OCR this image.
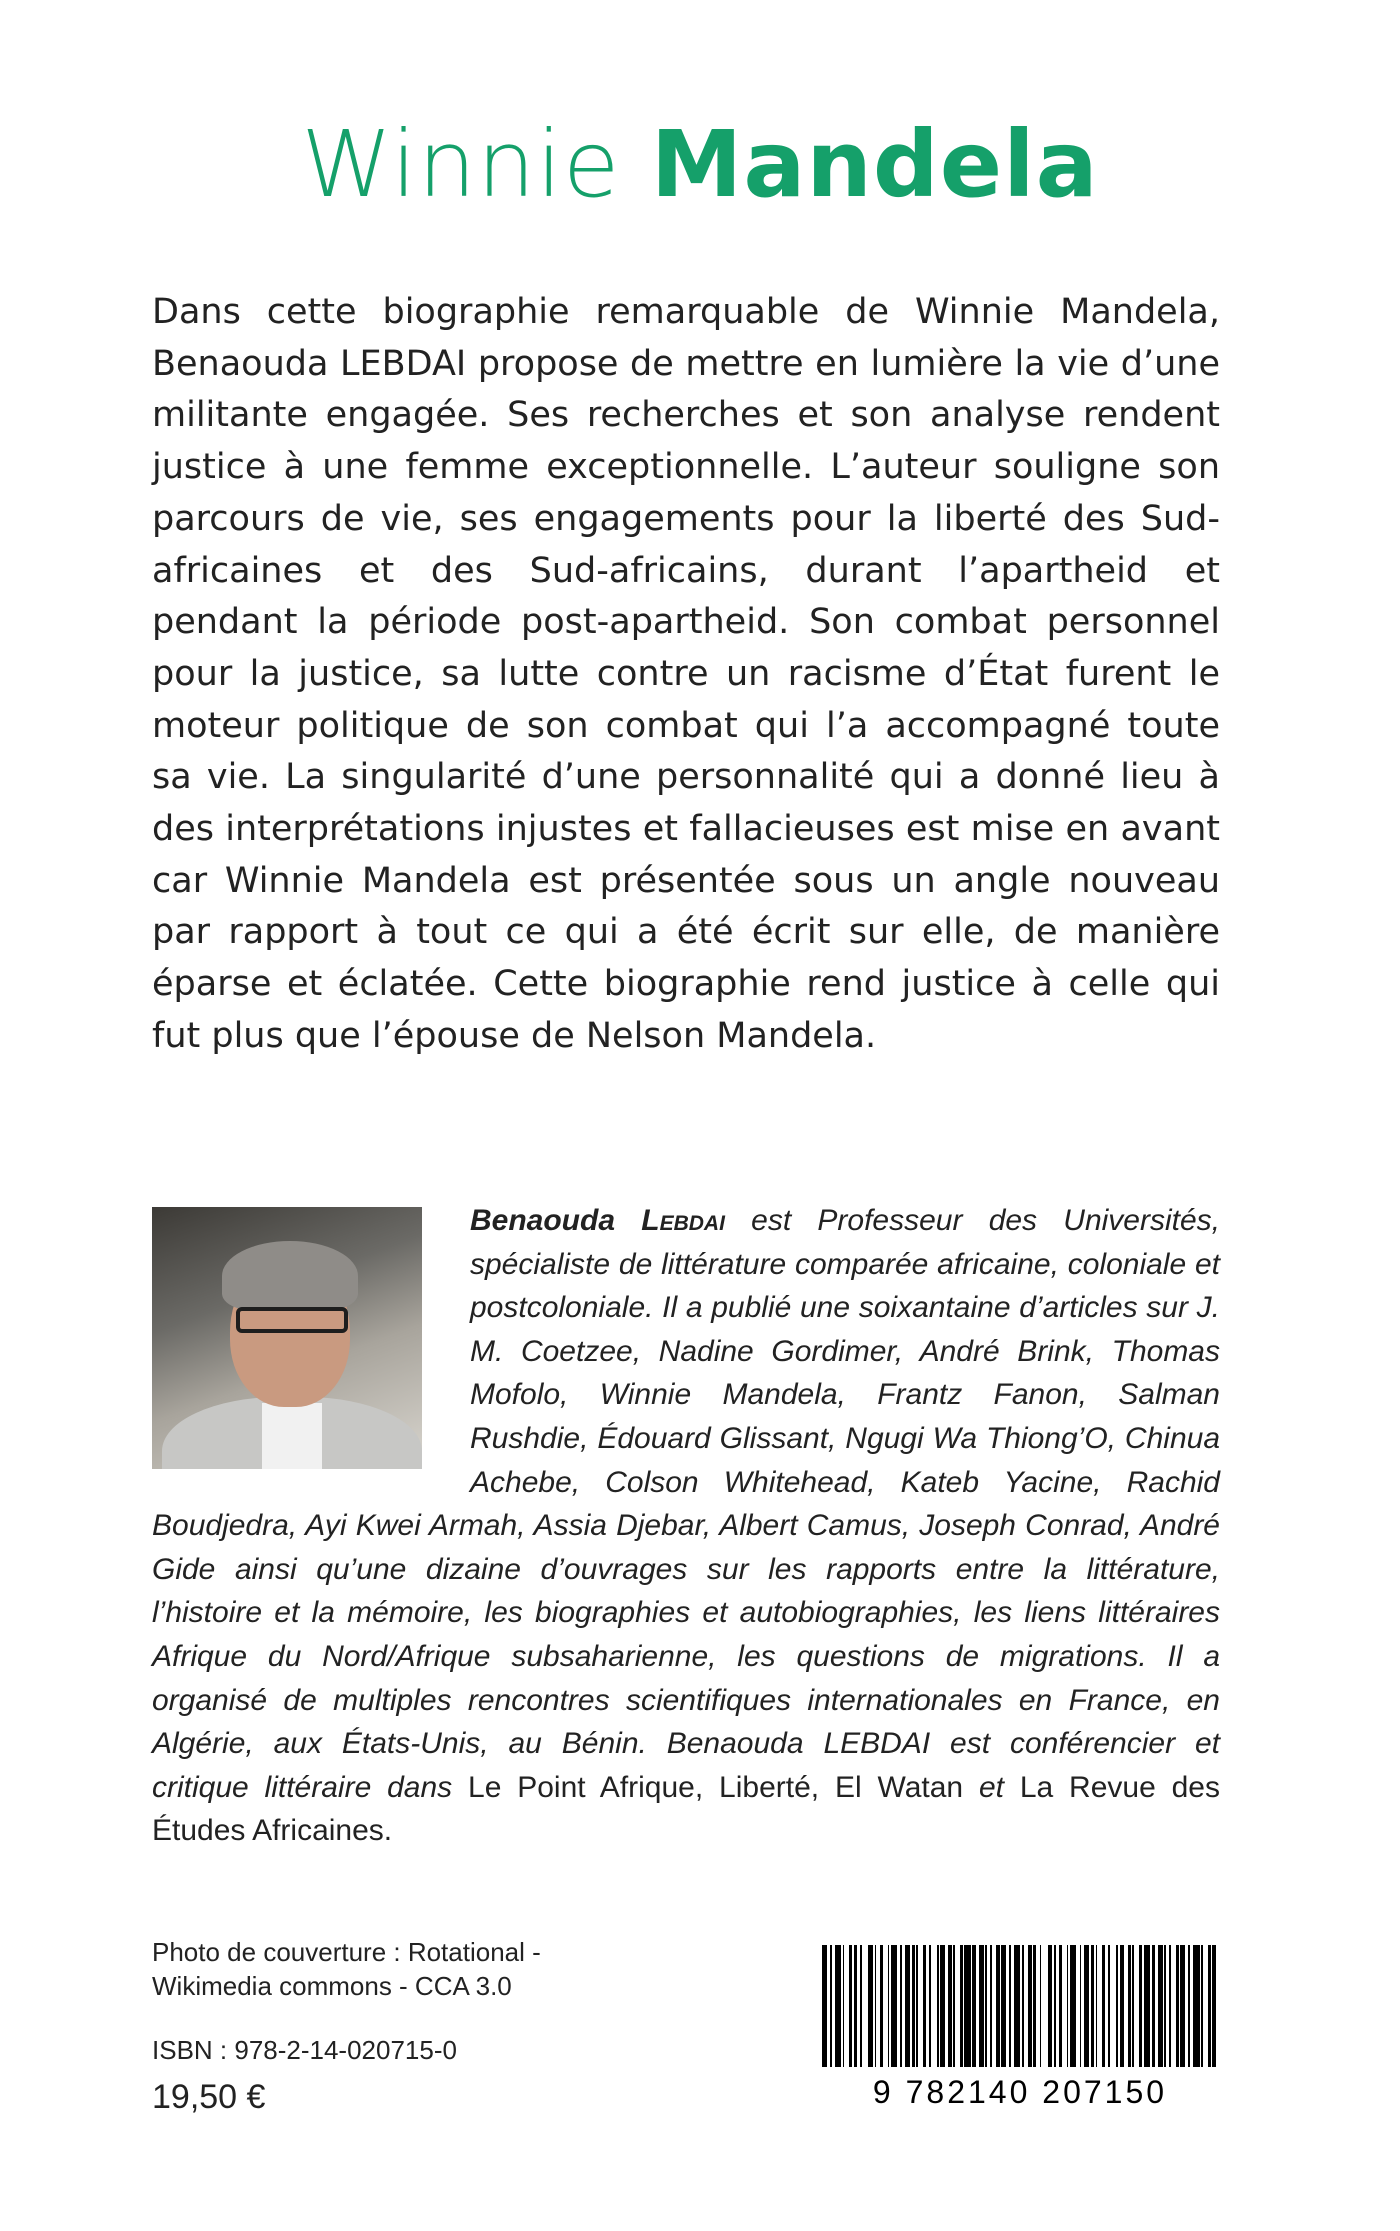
Winnie Mandela

Dans cette biographie remarquable de Winnie Mandela, Benaouda LEBDAI propose de mettre en lumière la vie d’une militante engagée. Ses recherches et son analyse rendent justice à une femme exceptionnelle. L’auteur souligne son parcours de vie, ses engagements pour la liberté des Sud-africaines et des Sud-africains, durant l’apartheid et pendant la période post-apartheid. Son combat personnel pour la justice, sa lutte contre un racisme d’État furent le moteur politique de son combat qui l’a accompagné toute sa vie. La singularité d’une personnalité qui a donné lieu à des interprétations injustes et fallacieuses est mise en avant car Winnie Mandela est présentée sous un angle nouveau par rapport à tout ce qui a été écrit sur elle, de manière éparse et éclatée. Cette biographie rend justice à celle qui fut plus que l’épouse de Nelson Mandela.

Benaouda Lebdai est Professeur des Universités, spécialiste de littérature comparée africaine, coloniale et postcoloniale. Il a publié une soixantaine d’articles sur J. M. Coetzee, Nadine Gordimer, André Brink, Thomas Mofolo, Winnie Mandela, Frantz Fanon, Salman Rushdie, Édouard Glissant, Ngugi Wa Thiong’O, Chinua Achebe, Colson Whitehead, Kateb Yacine, Rachid Boudjedra, Ayi Kwei Armah, Assia Djebar, Albert Camus, Joseph Conrad, André Gide ainsi qu’une dizaine d’ouvrages sur les rapports entre la littérature, l’histoire et la mémoire, les biographies et autobiographies, les liens littéraires Afrique du Nord/Afrique subsaharienne, les questions de migrations. Il a organisé de multiples rencontres scientifiques internationales en France, en Algérie, aux États-Unis, au Bénin. Benaouda LEBDAI est conférencier et critique littéraire dans Le Point Afrique, Liberté, El Watan et La Revue des Études Africaines.
Photo de couverture : Rotational -
Wikimedia commons - CCA 3.0
ISBN : 978-2-14-020715-0
19,50 €	9 782140 207150
